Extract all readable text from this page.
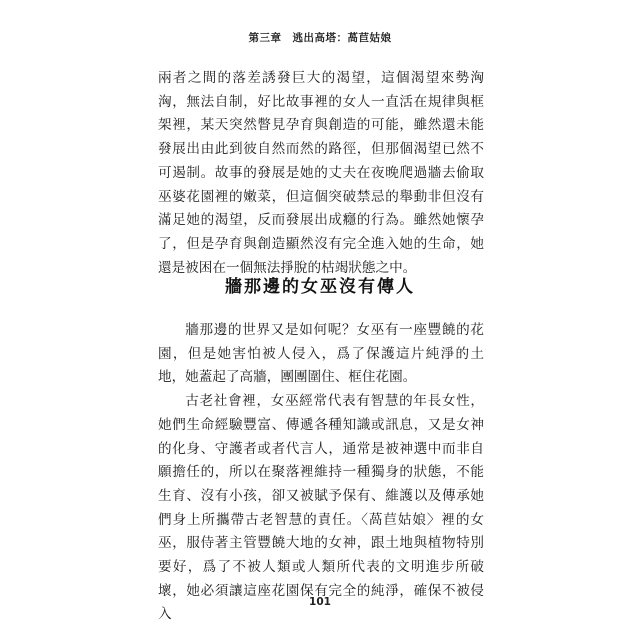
第三章　逃出高塔：萵苣姑娘

兩者之間的落差誘發巨大的渴望，這個渴望來勢洶洶，無法自制，好比故事裡的女人一直活在規律與框架裡，某天突然瞥見孕育與創造的可能，雖然還未能發展出由此到彼自然而然的路徑，但那個渴望已然不可遏制。故事的發展是她的丈夫在夜晚爬過牆去偷取巫婆花園裡的嫩菜，但這個突破禁忌的舉動非但沒有滿足她的渴望，反而發展出成癮的行為。雖然她懷孕了，但是孕育與創造顯然沒有完全進入她的生命，她還是被困在一個無法掙脫的枯竭狀態之中。

牆那邊的女巫沒有傳人

牆那邊的世界又是如何呢？女巫有一座豐饒的花園，但是她害怕被人侵入，爲了保護這片純淨的土地，她蓋起了高牆，團團圍住、框住花園。

古老社會裡，女巫經常代表有智慧的年長女性，她們生命經驗豐富、傳遞各種知識或訊息，又是女神的化身、守護者或者代言人，通常是被神選中而非自願擔任的，所以在聚落裡維持一種獨身的狀態，不能生育、沒有小孩，卻又被賦予保有、維護以及傳承她們身上所攜帶古老智慧的責任。〈萵苣姑娘〉裡的女巫，服侍著主管豐饒大地的女神，跟土地與植物特別要好，爲了不被人類或人類所代表的文明進步所破壞，她必須讓這座花園保有完全的純淨，確保不被侵入

101
